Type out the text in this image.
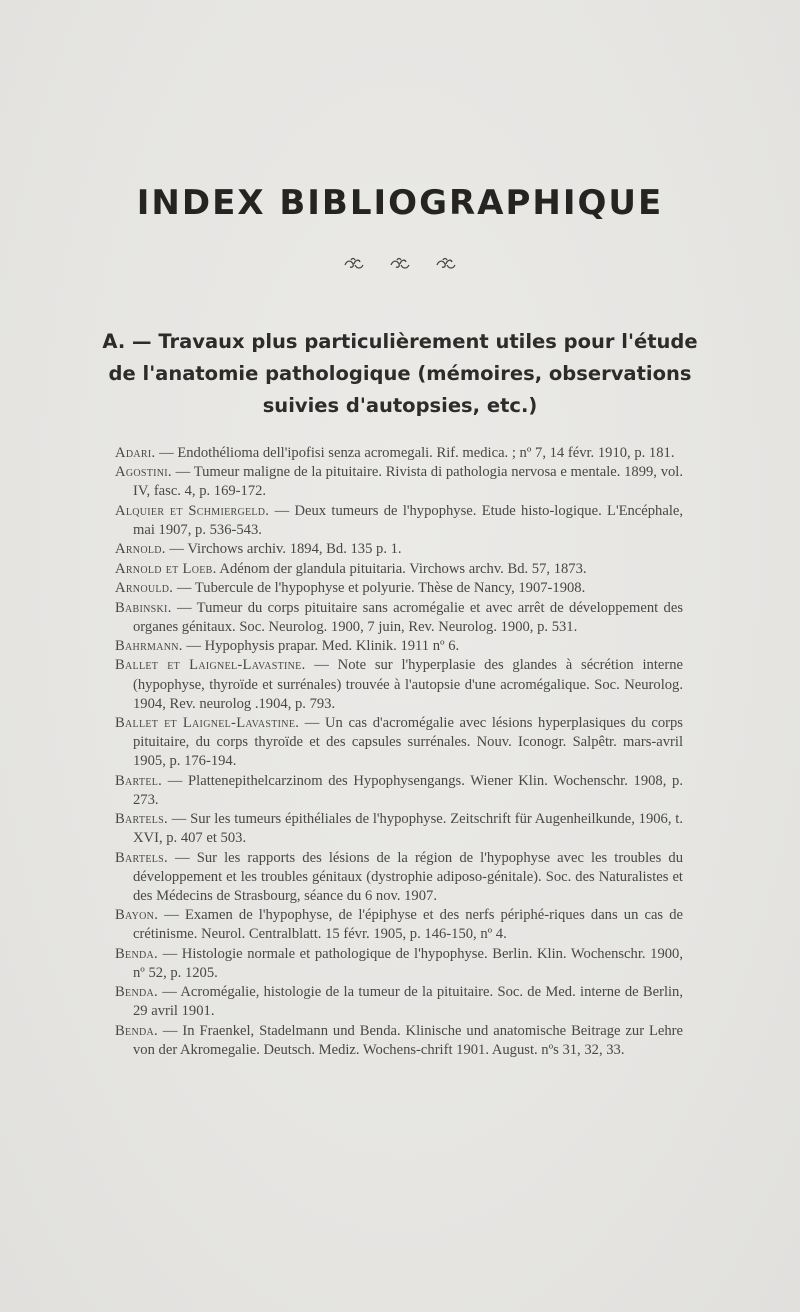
INDEX BIBLIOGRAPHIQUE
A. — Travaux plus particulièrement utiles pour l'étude de l'anatomie pathologique (mémoires, observations suivies d'autopsies, etc.)
Adari. — Endothélioma dell'ipofisi senza acromegali. Rif. medica. ; nº 7, 14 févr. 1910, p. 181.
Agostini. — Tumeur maligne de la pituitaire. Rivista di pathologia nervosa e mentale. 1899, vol. IV, fasc. 4, p. 169-172.
Alquier et Schmiergeld. — Deux tumeurs de l'hypophyse. Etude histo-logique. L'Encéphale, mai 1907, p. 536-543.
Arnold. — Virchows archiv. 1894, Bd. 135 p. 1.
Arnold et Loeb. Adénom der glandula pituitaria. Virchows archv. Bd. 57, 1873.
Arnould. — Tubercule de l'hypophyse et polyurie. Thèse de Nancy, 1907-1908.
Babinski. — Tumeur du corps pituitaire sans acromégalie et avec arrêt de développement des organes génitaux. Soc. Neurolog. 1900, 7 juin, Rev. Neurolog. 1900, p. 531.
Bahrmann. — Hypophysis prapar. Med. Klinik. 1911 nº 6.
Ballet et Laignel-Lavastine. — Note sur l'hyperplasie des glandes à sécrétion interne (hypophyse, thyroïde et surrénales) trouvée à l'autopsie d'une acromégalique. Soc. Neurolog. 1904, Rev. neurolog .1904, p. 793.
Ballet et Laignel-Lavastine. — Un cas d'acromégalie avec lésions hyperplasiques du corps pituitaire, du corps thyroïde et des capsules surrénales. Nouv. Iconogr. Salpêtr. mars-avril 1905, p. 176-194.
Bartel. — Plattenepithelcarzinom des Hypophysengangs. Wiener Klin. Wochenschr. 1908, p. 273.
Bartels. — Sur les tumeurs épithéliales de l'hypophyse. Zeitschrift für Augenheilkunde, 1906, t. XVI, p. 407 et 503.
Bartels. — Sur les rapports des lésions de la région de l'hypophyse avec les troubles du développement et les troubles génitaux (dystrophie adiposo-génitale). Soc. des Naturalistes et des Médecins de Strasbourg, séance du 6 nov. 1907.
Bayon. — Examen de l'hypophyse, de l'épiphyse et des nerfs périphé-riques dans un cas de crétinisme. Neurol. Centralblatt. 15 févr. 1905, p. 146-150, nº 4.
Benda. — Histologie normale et pathologique de l'hypophyse. Berlin. Klin. Wochenschr. 1900, nº 52, p. 1205.
Benda. — Acromégalie, histologie de la tumeur de la pituitaire. Soc. de Med. interne de Berlin, 29 avril 1901.
Benda. — In Fraenkel, Stadelmann und Benda. Klinische und anatomische Beitrage zur Lehre von der Akromegalie. Deutsch. Mediz. Wochens-chrift 1901. August. nºs 31, 32, 33.
